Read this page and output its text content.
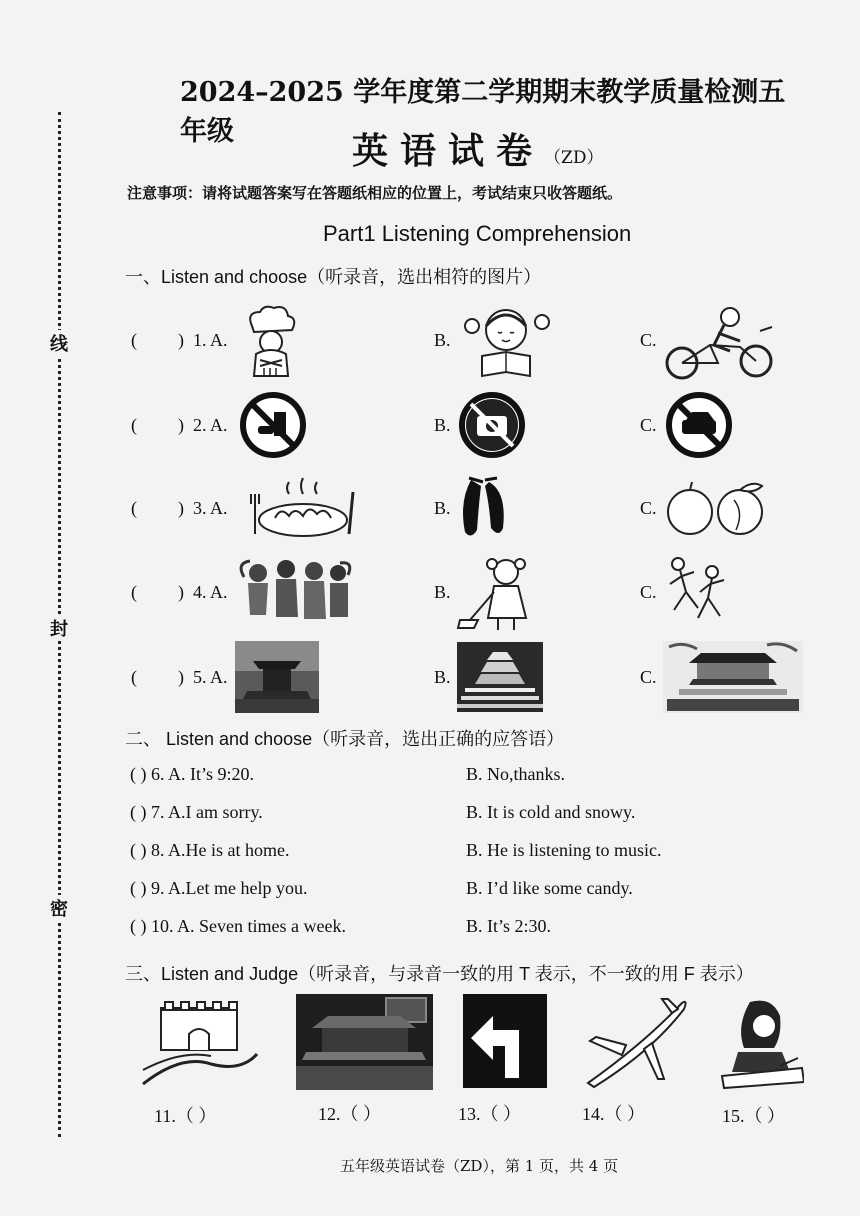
线
封
密
2024–2025 学年度第二学期期末教学质量检测五年级	英语试卷（ZD）
注意事项：请将试题答案写在答题纸相应的位置上，考试结束只收答题纸。
Part1 Listening Comprehension
一、Listen and choose（听录音，选出相符的图片）
( ) 1. A.	B.	C.
( ) 2. A.	B.	C.
( ) 3. A.	B.	C.
( ) 4. A.	B.	C.
( ) 5. A.	B.	C.
二、 Listen and choose（听录音，选出正确的应答语）
( ) 6. A. It’s 9:20.	B. No,thanks.
( ) 7. A.I am sorry.	B. It is cold and snowy.
( ) 8. A.He is at home.	B. He is listening to music.
( ) 9. A.Let me help you.	B. I’d like some candy.
( ) 10. A. Seven times a week.	B. It’s 2:30.
三、Listen and Judge（听录音，与录音一致的用 T 表示，不一致的用 F 表示）
11.（ ）	12.（ ）	13.（ ）	14.（ ）	15.（ ）
五年级英语试卷（ZD），第 1 页，共 4 页
